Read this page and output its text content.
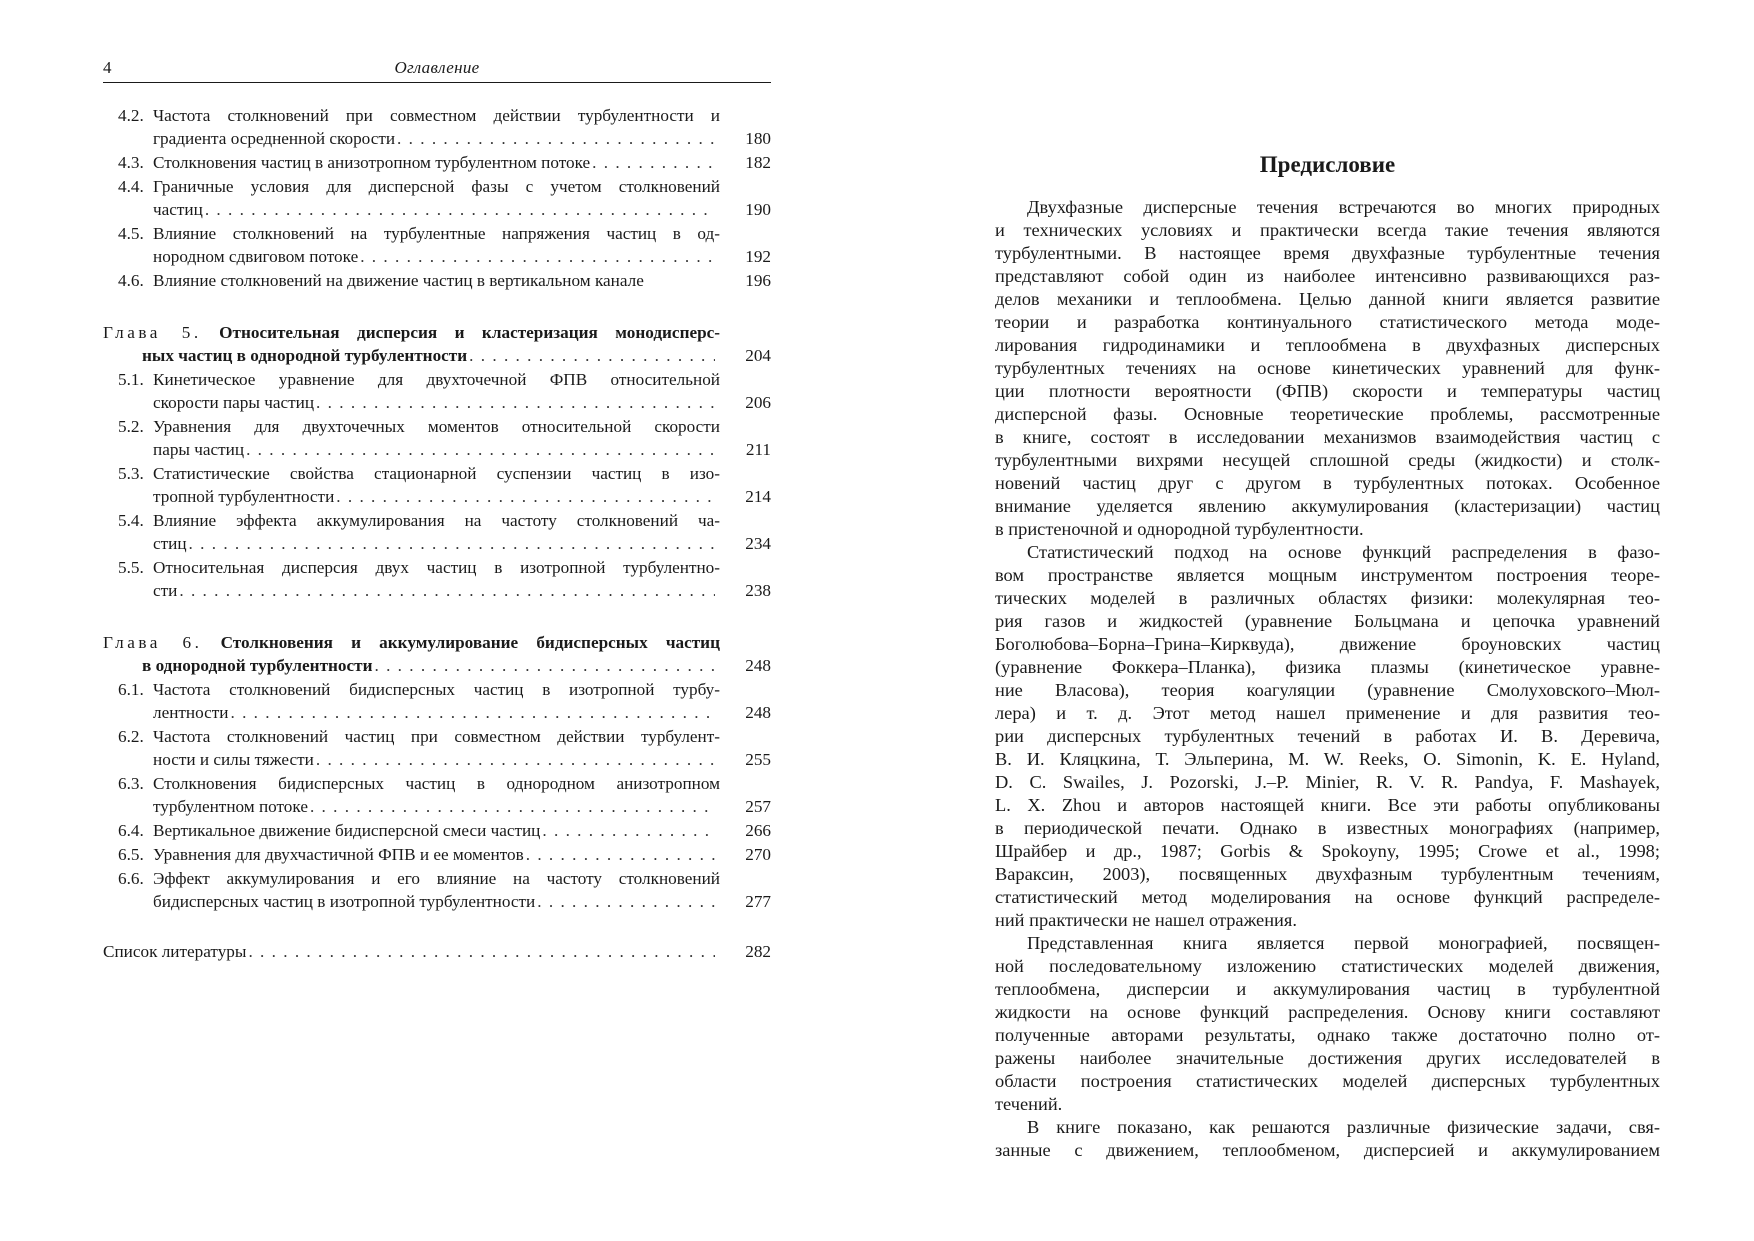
4	Оглавление
4.2. Частота столкновений при совместном действии турбулентности и
градиента осредненной скорости . . .	180
4.3. Столкновения частиц в анизотропном турбулентном потоке . . .	182
4.4. Граничные условия для дисперсной фазы с учетом столкновений
частиц . . .	190
4.5. Влияние столкновений на турбулентные напряжения частиц в од-
нородном сдвиговом потоке . . .	192
4.6. Влияние столкновений на движение частиц в вертикальном канале	196
Глава 5. Относительная дисперсия и кластеризация монодисперс-
ных частиц в однородной турбулентности . . .	204
5.1. Кинетическое уравнение для двухточечной ФПВ относительной
скорости пары частиц . . .	206
5.2. Уравнения для двухточечных моментов относительной скорости
пары частиц . . .	211
5.3. Статистические свойства стационарной суспензии частиц в изо-
тропной турбулентности . . .	214
5.4. Влияние эффекта аккумулирования на частоту столкновений ча-
стиц . . .	234
5.5. Относительная дисперсия двух частиц в изотропной турбулентно-
сти . . .	238
Глава 6. Столкновения и аккумулирование бидисперсных частиц
в однородной турбулентности . . .	248
6.1. Частота столкновений бидисперсных частиц в изотропной турбу-
лентности . . .	248
6.2. Частота столкновений частиц при совместном действии турбулент-
ности и силы тяжести . . .	255
6.3. Столкновения бидисперсных частиц в однородном анизотропном
турбулентном потоке . . .	257
6.4. Вертикальное движение бидисперсной смеси частиц . . .	266
6.5. Уравнения для двухчастичной ФПВ и ее моментов . . .	270
6.6. Эффект аккумулирования и его влияние на частоту столкновений
бидисперсных частиц в изотропной турбулентности . . .	277
Список литературы . . .	282
Предисловие
Двухфазные дисперсные течения встречаются во многих природных
и технических условиях и практически всегда такие течения являются
турбулентными. В настоящее время двухфазные турбулентные течения
представляют собой один из наиболее интенсивно развивающихся раз-
делов механики и теплообмена. Целью данной книги является развитие
теории и разработка континуального статистического метода моде-
лирования гидродинамики и теплообмена в двухфазных дисперсных
турбулентных течениях на основе кинетических уравнений для функ-
ции плотности вероятности (ФПВ) скорости и температуры частиц
дисперсной фазы. Основные теоретические проблемы, рассмотренные
в книге, состоят в исследовании механизмов взаимодействия частиц с
турбулентными вихрями несущей сплошной среды (жидкости) и столк-
новений частиц друг с другом в турбулентных потоках. Особенное
внимание уделяется явлению аккумулирования (кластеризации) частиц
в пристеночной и однородной турбулентности.
Статистический подход на основе функций распределения в фазо-
вом пространстве является мощным инструментом построения теоре-
тических моделей в различных областях физики: молекулярная тео-
рия газов и жидкостей (уравнение Больцмана и цепочка уравнений
Боголюбова–Борна–Грина–Кирквуда), движение броуновских частиц
(уравнение Фоккера–Планка), физика плазмы (кинетическое уравне-
ние Власова), теория коагуляции (уравнение Смолуховского–Мюл-
лера) и т. д. Этот метод нашел применение и для развития тео-
рии дисперсных турбулентных течений в работах И. В. Деревича,
В. И. Кляцкина, Т. Эльперина, M. W. Reeks, O. Simonin, K. E. Hyland,
D. C. Swailes, J. Pozorski, J.–P. Minier, R. V. R. Pandya, F. Mashayek,
L. X. Zhou и авторов настоящей книги. Все эти работы опубликованы
в периодической печати. Однако в известных монографиях (например,
Шрайбер и др., 1987; Gorbis & Spokoyny, 1995; Crowe et al., 1998;
Вараксин, 2003), посвященных двухфазным турбулентным течениям,
статистический метод моделирования на основе функций распределе-
ний практически не нашел отражения.
Представленная книга является первой монографией, посвящен-
ной последовательному изложению статистических моделей движения,
теплообмена, дисперсии и аккумулирования частиц в турбулентной
жидкости на основе функций распределения. Основу книги составляют
полученные авторами результаты, однако также достаточно полно от-
ражены наиболее значительные достижения других исследователей в
области построения статистических моделей дисперсных турбулентных
течений.
В книге показано, как решаются различные физические задачи, свя-
занные с движением, теплообменом, дисперсией и аккумулированием
